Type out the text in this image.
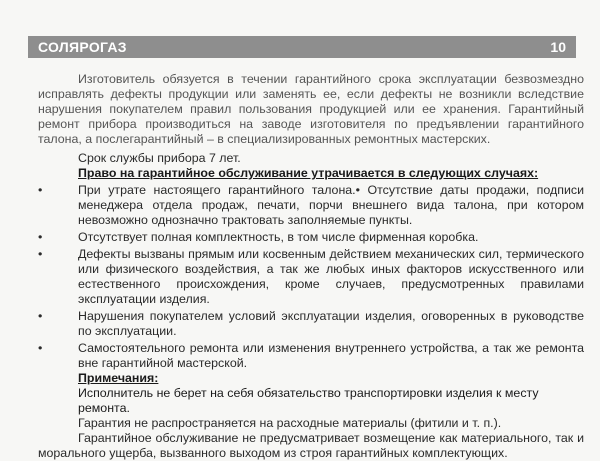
СОЛЯРОГАЗ	10

Изготовитель обязуется в течении гарантийного срока эксплуатации безвозмездно исправлять дефекты продукции или заменять ее, если дефекты не возникли вследствие нарушения покупателем правил пользования продукцией или ее хранения. Гарантийный ремонт прибора производиться на заводе изготовителя по предъявлении гарантийного талона, а послегарантийный – в специализированных ремонтных мастерских.

Срок службы прибора 7 лет.

Право на гарантийное обслуживание утрачивается в следующих случаях:

•	При утрате настоящего гарантийного талона.• Отсутствие даты продажи, подписи менеджера отдела продаж, печати, порчи внешнего вида талона, при котором невозможно однозначно трактовать заполняемые пункты.
•	Отсутствует полная комплектность, в том числе фирменная коробка.
•	Дефекты вызваны прямым или косвенным действием механических сил, термического или физического воздействия, а так же любых иных факторов искусственного или естественного происхождения, кроме случаев, предусмотренных правилами эксплуатации изделия.
•	Нарушения покупателем условий эксплуатации изделия, оговоренных в руководстве по эксплуатации.
•	Самостоятельного ремонта или изменения внутреннего устройства, а так же ремонта вне гарантийной мастерской.

Примечания:

Исполнитель не берет на себя обязательство транспортировки изделия к месту ремонта.

Гарантия не распространяется на расходные материалы (фитили и т. п.).

Гарантийное обслуживание не предусматривает возмещение как материального, так и морального ущерба, вызванного выходом из строя гарантийных комплектующих.
